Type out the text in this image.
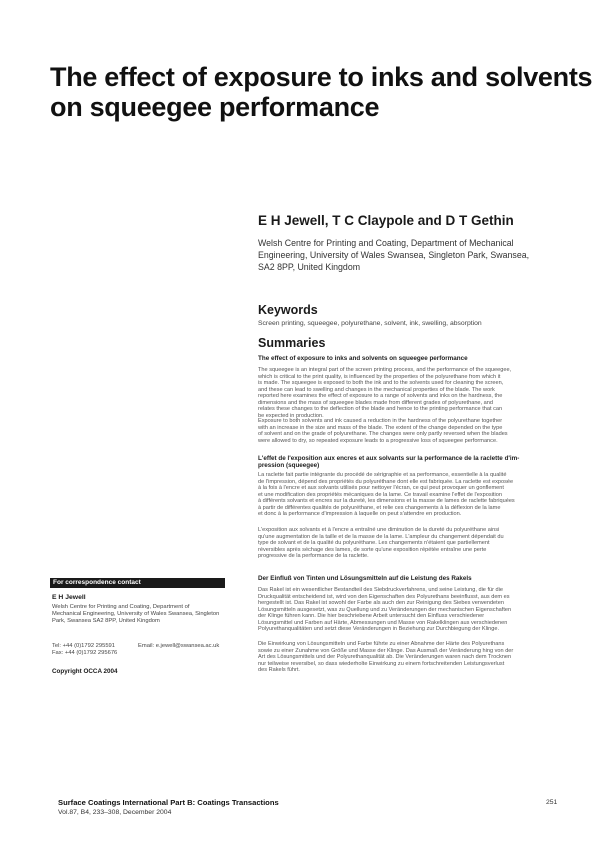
The effect of exposure to inks and solvents
on squeegee performance
E H Jewell, T C Claypole and D T Gethin
Welsh Centre for Printing and Coating, Department of Mechanical
Engineering, University of Wales Swansea, Singleton Park, Swansea,
SA2 8PP, United Kingdom
Keywords
Screen printing, squeegee, polyurethane, solvent, ink, swelling, absorption
Summaries
The effect of exposure to inks and solvents on squeegee performance
The squeegee is an integral part of the screen printing process, and the performance of the squeegee,
which is critical to the print quality, is influenced by the properties of the polyurethane from which it
is made. The squeegee is exposed to both the ink and to the solvents used for cleaning the screen,
and these can lead to swelling and changes in the mechanical properties of the blade. The work
reported here examines the effect of exposure to a range of solvents and inks on the hardness, the
dimensions and the mass of squeegee blades made from different grades of polyurethane, and
relates these changes to the deflection of the blade and hence to the printing performance that can
be expected in production.
Exposure to both solvents and ink caused a reduction in the hardness of the polyurethane together
with an increase in the size and mass of the blade. The extent of the change depended on the type
of solvent and on the grade of polyurethane. The changes were only partly reversed when the blades
were allowed to dry, so repeated exposure leads to a progressive loss of squeegee performance.
L'effet de l'exposition aux encres et aux solvants sur la performance de la raclette d'im-
pression (squeegee)
La raclette fait partie intégrante du procédé de sérigraphie et sa performance, essentielle à la qualité
de l'impression, dépend des propriétés du polyuréthane dont elle est fabriquée. La raclette est exposée
à la fois à l'encre et aux solvants utilisés pour nettoyer l'écran, ce qui peut provoquer un gonflement
et une modification des propriétés mécaniques de la lame. Ce travail examine l'effet de l'exposition
à différents solvants et encres sur la dureté, les dimensions et la masse de lames de raclette fabriquées
à partir de différentes qualités de polyuréthane, et relie ces changements à la déflexion de la lame
et donc à la performance d'impression à laquelle on peut s'attendre en production.
L'exposition aux solvants et à l'encre a entraîné une diminution de la dureté du polyuréthane ainsi
qu'une augmentation de la taille et de la masse de la lame. L'ampleur du changement dépendait du
type de solvant et de la qualité du polyuréthane. Les changements n'étaient que partiellement
réversibles après séchage des lames, de sorte qu'une exposition répétée entraîne une perte
progressive de la performance de la raclette.
Der Einfluß von Tinten und Lösungsmitteln auf die Leistung des Rakels
Das Rakel ist ein wesentlicher Bestandteil des Siebdruckverfahrens, und seine Leistung, die für die
Druckqualität entscheidend ist, wird von den Eigenschaften des Polyurethans beeinflusst, aus dem es
hergestellt ist. Das Rakel ist sowohl der Farbe als auch den zur Reinigung des Siebes verwendeten
Lösungsmitteln ausgesetzt, was zu Quellung und zu Veränderungen der mechanischen Eigenschaften
der Klinge führen kann. Die hier beschriebene Arbeit untersucht den Einfluss verschiedener
Lösungsmittel und Farben auf Härte, Abmessungen und Masse von Rakelklingen aus verschiedenen
Polyurethanqualitäten und setzt diese Veränderungen in Beziehung zur Durchbiegung der Klinge.
Die Einwirkung von Lösungsmitteln und Farbe führte zu einer Abnahme der Härte des Polyurethans
sowie zu einer Zunahme von Größe und Masse der Klinge. Das Ausmaß der Veränderung hing von der
Art des Lösungsmittels und der Polyurethanqualität ab. Die Veränderungen waren nach dem Trocknen
nur teilweise reversibel, so dass wiederholte Einwirkung zu einem fortschreitenden Leistungsverlust
des Rakels führt.
For correspondence contact
E H Jewell
Welsh Centre for Printing and Coating, Department of
Mechanical Engineering, University of Wales Swansea, Singleton
Park, Swansea SA2 8PP, United Kingdom
Tel: +44 (0)1792 295591
Fax: +44 (0)1792 295676
Email: e.jewell@swansea.ac.uk
Copyright OCCA 2004
Surface Coatings International Part B: Coatings Transactions
Vol.87, B4, 233–308, December 2004
251
